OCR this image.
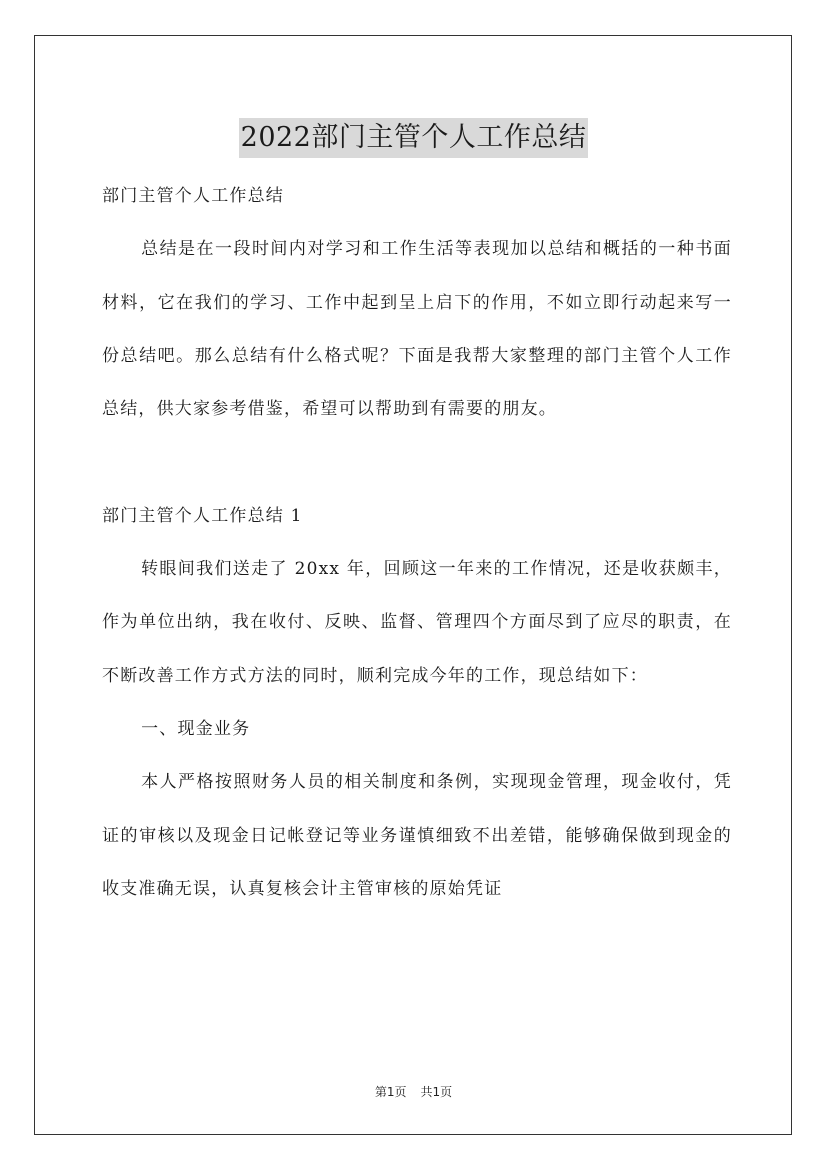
2022部门主管个人工作总结

部门主管个人工作总结

总结是在一段时间内对学习和工作生活等表现加以总结和概括的一种书面材料，它在我们的学习、工作中起到呈上启下的作用，不如立即行动起来写一份总结吧。那么总结有什么格式呢？下面是我帮大家整理的部门主管个人工作总结，供大家参考借鉴，希望可以帮助到有需要的朋友。

部门主管个人工作总结 1

转眼间我们送走了 20xx 年，回顾这一年来的工作情况，还是收获颇丰，作为单位出纳，我在收付、反映、监督、管理四个方面尽到了应尽的职责，在不断改善工作方式方法的同时，顺利完成今年的工作，现总结如下：

一、现金业务

本人严格按照财务人员的相关制度和条例，实现现金管理，现金收付，凭证的审核以及现金日记帐登记等业务谨慎细致不出差错，能够确保做到现金的收支准确无误，认真复核会计主管审核的原始凭证

第1页 共1页
